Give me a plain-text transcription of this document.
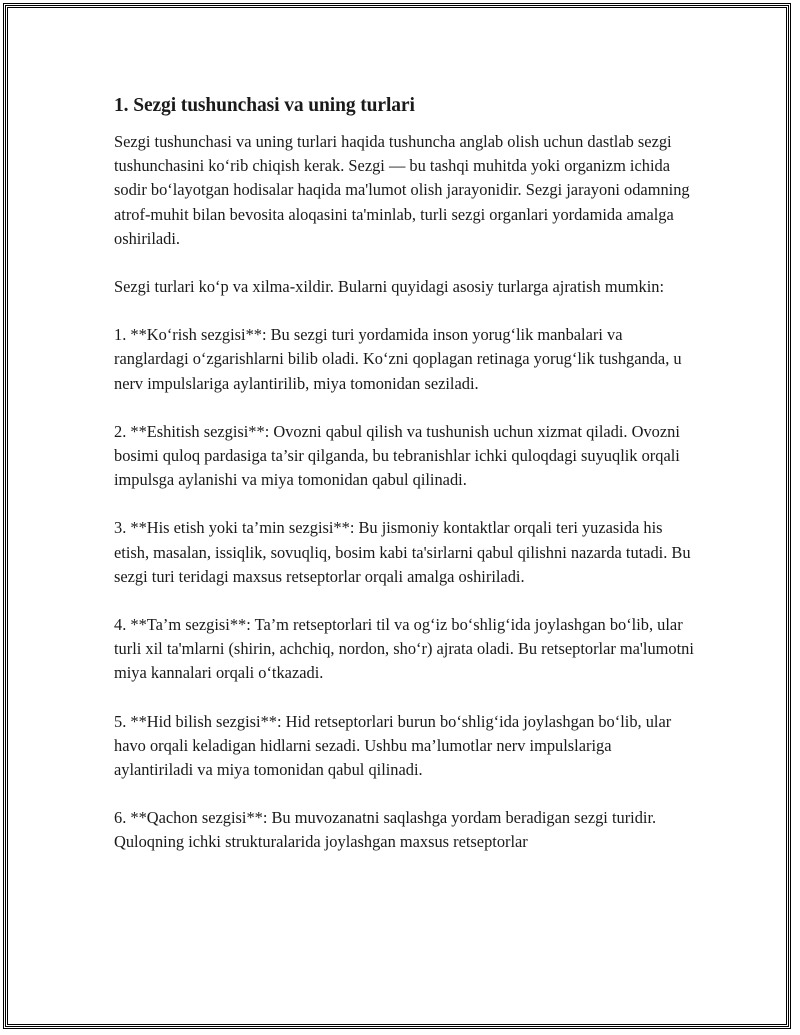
1. Sezgi tushunchasi va uning turlari

Sezgi tushunchasi va uning turlari haqida tushuncha anglab olish uchun dastlab sezgi tushunchasini ko‘rib chiqish kerak. Sezgi — bu tashqi muhitda yoki organizm ichida sodir bo‘layotgan hodisalar haqida ma'lumot olish jarayonidir. Sezgi jarayoni odamning atrof-muhit bilan bevosita aloqasini ta'minlab, turli sezgi organlari yordamida amalga oshiriladi.

Sezgi turlari ko‘p va xilma-xildir. Bularni quyidagi asosiy turlarga ajratish mumkin:

1. **Ko‘rish sezgisi**: Bu sezgi turi yordamida inson yorug‘lik manbalari va ranglardagi o‘zgarishlarni bilib oladi. Ko‘zni qoplagan retinaga yorug‘lik tushganda, u nerv impulslariga aylantirilib, miya tomonidan seziladi.

2. **Eshitish sezgisi**: Ovozni qabul qilish va tushunish uchun xizmat qiladi. Ovozni bosimi quloq pardasiga ta’sir qilganda, bu tebranishlar ichki quloqdagi suyuqlik orqali impulsga aylanishi va miya tomonidan qabul qilinadi.

3. **His etish yoki ta’min sezgisi**: Bu jismoniy kontaktlar orqali teri yuzasida his etish, masalan, issiqlik, sovuqliq, bosim kabi ta'sirlarni qabul qilishni nazarda tutadi. Bu sezgi turi teridagi maxsus retseptorlar orqali amalga oshiriladi.

4. **Ta’m sezgisi**: Ta’m retseptorlari til va og‘iz bo‘shlig‘ida joylashgan bo‘lib, ular turli xil ta'mlarni (shirin, achchiq, nordon, sho‘r) ajrata oladi. Bu retseptorlar ma'lumotni miya kannalari orqali o‘tkazadi.

5. **Hid bilish sezgisi**: Hid retseptorlari burun bo‘shlig‘ida joylashgan bo‘lib, ular havo orqali keladigan hidlarni sezadi. Ushbu ma’lumotlar nerv impulslariga aylantiriladi va miya tomonidan qabul qilinadi.

6. **Qachon sezgisi**: Bu muvozanatni saqlashga yordam beradigan sezgi turidir. Quloqning ichki strukturalarida joylashgan maxsus retseptorlar
